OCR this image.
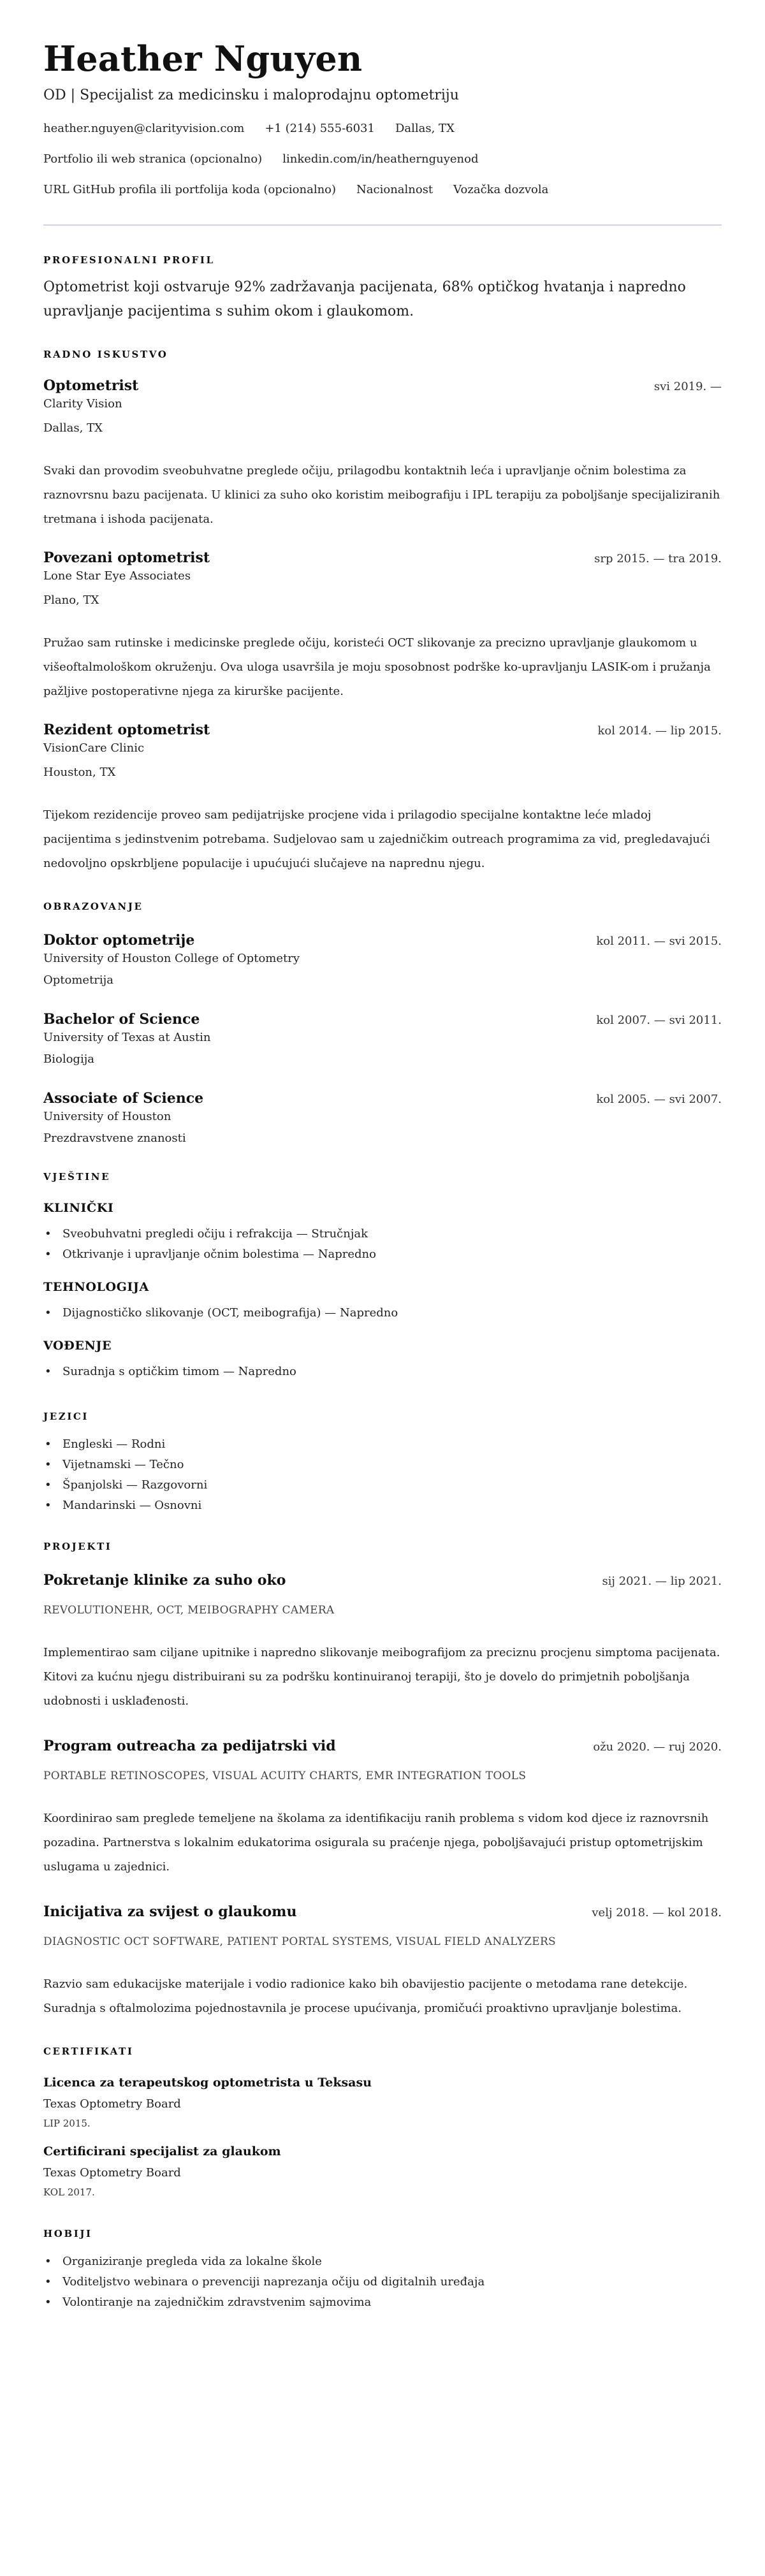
Heather Nguyen
OD | Specijalist za medicinsku i maloprodajnu optometriju
heather.nguyen@clarityvision.com +1 (214) 555-6031 Dallas, TX
Portfolio ili web stranica (opcionalno) linkedin.com/in/heathernguyenod
URL GitHub profila ili portfolija koda (opcionalno) Nacionalnost Vozačka dozvola
PROFESIONALNI PROFIL

Optometrist koji ostvaruje 92% zadržavanja pacijenata, 68% optičkog hvatanja i napredno upravljanje pacijentima s suhim okom i glaukomom.

RADNO ISKUSTVO
Optometrist	svi 2019. —
Clarity Vision
Dallas, TX

Svaki dan provodim sveobuhvatne preglede očiju, prilagodbu kontaktnih leća i upravljanje očnim bolestima za raznovrsnu bazu pacijenata. U klinici za suho oko koristim meibografiju i IPL terapiju za poboljšanje specijaliziranih tretmana i ishoda pacijenata.

Povezani optometrist	srp 2015. — tra 2019.
Lone Star Eye Associates
Plano, TX

Pružao sam rutinske i medicinske preglede očiju, koristeći OCT slikovanje za precizno upravljanje glaukomom u višeoftalmološkom okruženju. Ova uloga usavršila je moju sposobnost podrške ko-upravljanju LASIK-om i pružanja pažljive postoperativne njega za kirurške pacijente.

Rezident optometrist	kol 2014. — lip 2015.
VisionCare Clinic
Houston, TX

Tijekom rezidencije proveo sam pedijatrijske procjene vida i prilagodio specijalne kontaktne leće mladoj pacijentima s jedinstvenim potrebama. Sudjelovao sam u zajedničkim outreach programima za vid, pregledavajući nedovoljno opskrbljene populacije i upućujući slučajeve na naprednu njegu.

OBRAZOVANJE
Doktor optometrije	kol 2011. — svi 2015.
University of Houston College of Optometry
Optometrija
Bachelor of Science	kol 2007. — svi 2011.
University of Texas at Austin
Biologija
Associate of Science	kol 2005. — svi 2007.
University of Houston
Prezdravstvene znanosti
VJEŠTINE
KLINIČKI
• Sveobuhvatni pregledi očiju i refrakcija — Stručnjak
• Otkrivanje i upravljanje očnim bolestima — Napredno
TEHNOLOGIJA
• Dijagnostičko slikovanje (OCT, meibografija) — Napredno
VOĐENJE
• Suradnja s optičkim timom — Napredno
JEZICI
• Engleski — Rodni
• Vijetnamski — Tečno
• Španjolski — Razgovorni
• Mandarinski — Osnovni
PROJEKTI
Pokretanje klinike za suho oko	sij 2021. — lip 2021.
REVOLUTIONEHR, OCT, MEIBOGRAPHY CAMERA

Implementirao sam ciljane upitnike i napredno slikovanje meibografijom za preciznu procjenu simptoma pacijenata. Kitovi za kućnu njegu distribuirani su za podršku kontinuiranoj terapiji, što je dovelo do primjetnih poboljšanja udobnosti i usklađenosti.

Program outreacha za pedijatrski vid	ožu 2020. — ruj 2020.
PORTABLE RETINOSCOPES, VISUAL ACUITY CHARTS, EMR INTEGRATION TOOLS

Koordinirao sam preglede temeljene na školama za identifikaciju ranih problema s vidom kod djece iz raznovrsnih pozadina. Partnerstva s lokalnim edukatorima osigurala su praćenje njega, poboljšavajući pristup optometrijskim uslugama u zajednici.

Inicijativa za svijest o glaukomu	velj 2018. — kol 2018.
DIAGNOSTIC OCT SOFTWARE, PATIENT PORTAL SYSTEMS, VISUAL FIELD ANALYZERS

Razvio sam edukacijske materijale i vodio radionice kako bih obavijestio pacijente o metodama rane detekcije. Suradnja s oftalmolozima pojednostavnila je procese upućivanja, promičući proaktivno upravljanje bolestima.

CERTIFIKATI
Licenca za terapeutskog optometrista u Teksasu
Texas Optometry Board
LIP 2015.
Certificirani specijalist za glaukom
Texas Optometry Board
KOL 2017.
HOBIJI
• Organiziranje pregleda vida za lokalne škole
• Voditeljstvo webinara o prevenciji naprezanja očiju od digitalnih uređaja
• Volontiranje na zajedničkim zdravstvenim sajmovima
